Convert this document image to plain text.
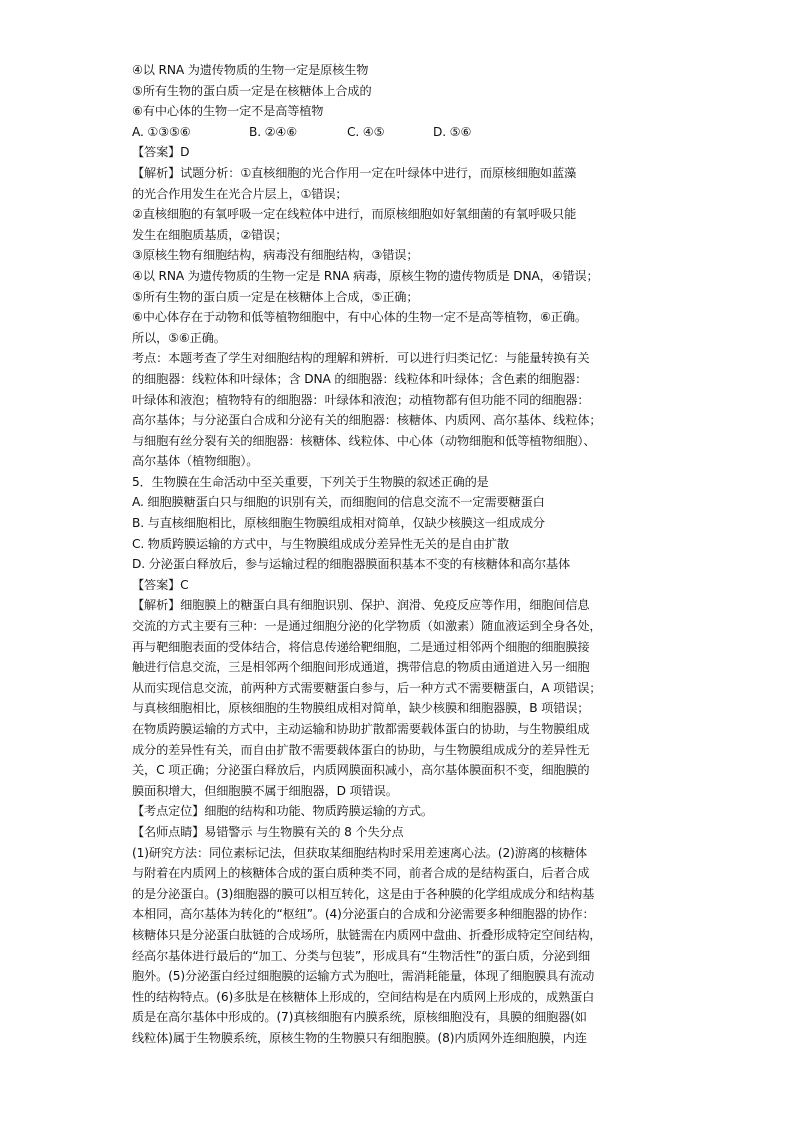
④以 RNA 为遗传物质的生物一定是原核生物
⑤所有生物的蛋白质一定是在核糖体上合成的
⑥有中心体的生物一定不是高等植物
A. ①③⑤⑥	B. ②④⑥	C. ④⑤	D. ⑤⑥
【答案】D
【解析】试题分析：①直核细胞的光合作用一定在叶绿体中进行，而原核细胞如蓝藻
的光合作用发生在光合片层上，①错误；
②直核细胞的有氧呼吸一定在线粒体中进行，而原核细胞如好氧细菌的有氧呼吸只能
发生在细胞质基质，②错误；
③原核生物有细胞结构，病毒没有细胞结构，③错误；
④以 RNA 为遗传物质的生物一定是 RNA 病毒，原核生物的遗传物质是 DNA，④错误；
⑤所有生物的蛋白质一定是在核糖体上合成，⑤正确；
⑥中心体存在于动物和低等植物细胞中，有中心体的生物一定不是高等植物，⑥正确。
所以，⑤⑥正确。
考点：本题考查了学生对细胞结构的理解和辨析．可以进行归类记忆：与能量转换有关
的细胞器：线粒体和叶绿体；含 DNA 的细胞器：线粒体和叶绿体；含色素的细胞器：
叶绿体和液泡；植物特有的细胞器：叶绿体和液泡；动植物都有但功能不同的细胞器：
高尔基体；与分泌蛋白合成和分泌有关的细胞器：核糖体、内质网、高尔基体、线粒体；
与细胞有丝分裂有关的细胞器：核糖体、线粒体、中心体（动物细胞和低等植物细胞）、
高尔基体（植物细胞）。
5．生物膜在生命活动中至关重要，下列关于生物膜的叙述正确的是
A. 细胞膜糖蛋白只与细胞的识别有关，而细胞间的信息交流不一定需要糖蛋白
B. 与直核细胞相比，原核细胞生物膜组成相对简单，仅缺少核膜这一组成成分
C. 物质跨膜运输的方式中，与生物膜组成成分差异性无关的是自由扩散
D. 分泌蛋白释放后，参与运输过程的细胞器膜面积基本不变的有核糖体和高尔基体
【答案】C
【解析】细胞膜上的糖蛋白具有细胞识别、保护、润滑、免疫反应等作用，细胞间信息
交流的方式主要有三种：一是通过细胞分泌的化学物质（如激素）随血液运到全身各处，
再与靶细胞表面的受体结合，将信息传递给靶细胞，二是通过相邻两个细胞的细胞膜接
触进行信息交流，三是相邻两个细胞间形成通道，携带信息的物质由通道进入另一细胞
从而实现信息交流，前两种方式需要糖蛋白参与，后一种方式不需要糖蛋白，A 项错误；
与真核细胞相比，原核细胞的生物膜组成相对简单，缺少核膜和细胞器膜，B 项错误；
在物质跨膜运输的方式中，主动运输和协助扩散都需要载体蛋白的协助，与生物膜组成
成分的差异性有关，而自由扩散不需要载体蛋白的协助，与生物膜组成成分的差异性无
关，C 项正确；分泌蛋白释放后，内质网膜面积减小，高尔基体膜面积不变，细胞膜的
膜面积增大，但细胞膜不属于细胞器，D 项错误。
【考点定位】细胞的结构和功能、物质跨膜运输的方式。
【名师点睛】易错警示 与生物膜有关的 8 个失分点
(1)研究方法：同位素标记法，但获取某细胞结构时采用差速离心法。(2)游离的核糖体
与附着在内质网上的核糖体合成的蛋白质种类不同，前者合成的是结构蛋白，后者合成
的是分泌蛋白。(3)细胞器的膜可以相互转化，这是由于各种膜的化学组成成分和结构基
本相同，高尔基体为转化的“枢纽”。(4)分泌蛋白的合成和分泌需要多种细胞器的协作：
核糖体只是分泌蛋白肽链的合成场所，肽链需在内质网中盘曲、折叠形成特定空间结构，
经高尔基体进行最后的“加工、分类与包装”，形成具有“生物活性”的蛋白质，分泌到细
胞外。(5)分泌蛋白经过细胞膜的运输方式为胞吐，需消耗能量，体现了细胞膜具有流动
性的结构特点。(6)多肽是在核糖体上形成的，空间结构是在内质网上形成的，成熟蛋白
质是在高尔基体中形成的。(7)真核细胞有内膜系统，原核细胞没有，具膜的细胞器(如
线粒体)属于生物膜系统，原核生物的生物膜只有细胞膜。(8)内质网外连细胞膜，内连
